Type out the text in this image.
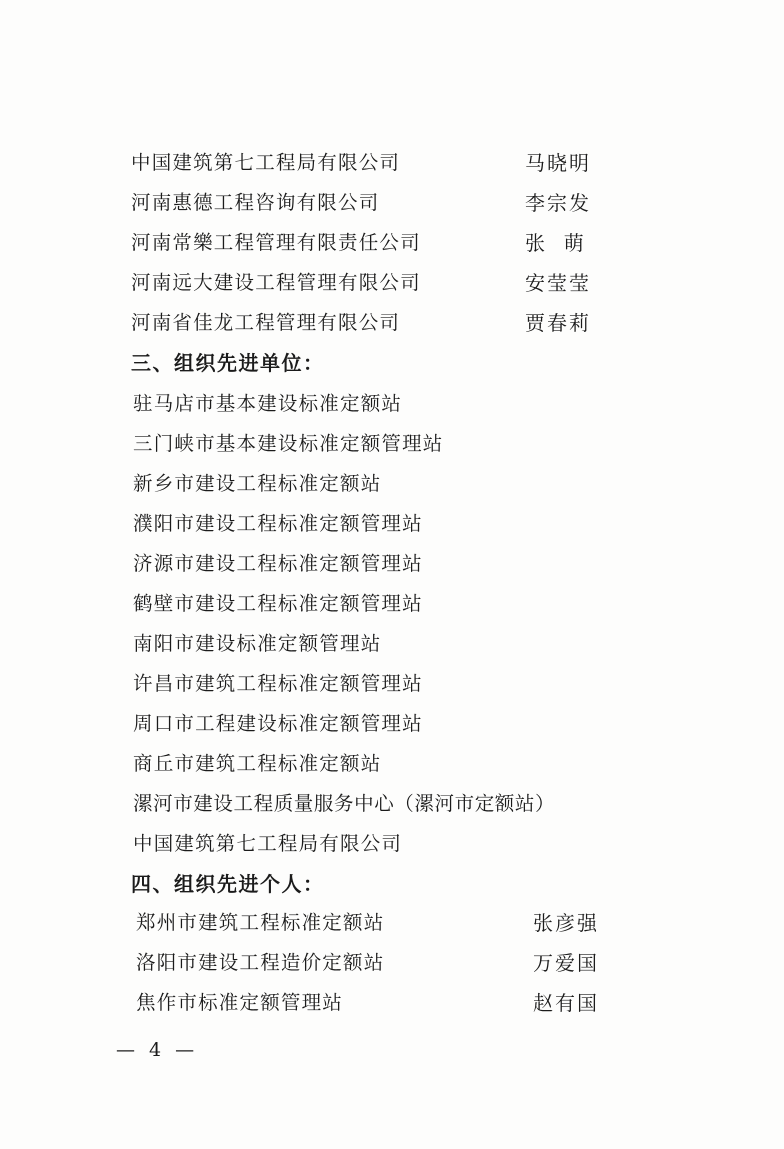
中国建筑第七工程局有限公司	马晓明
河南惠德工程咨询有限公司	李宗发
河南常樂工程管理有限责任公司	张  萌
河南远大建设工程管理有限公司	安莹莹
河南省佳龙工程管理有限公司	贾春莉
三、组织先进单位：
驻马店市基本建设标准定额站
三门峡市基本建设标准定额管理站
新乡市建设工程标准定额站
濮阳市建设工程标准定额管理站
济源市建设工程标准定额管理站
鹤壁市建设工程标准定额管理站
南阳市建设标准定额管理站
许昌市建筑工程标准定额管理站
周口市工程建设标准定额管理站
商丘市建筑工程标准定额站
漯河市建设工程质量服务中心（漯河市定额站）
中国建筑第七工程局有限公司
四、组织先进个人：
郑州市建筑工程标准定额站	张彦强
洛阳市建设工程造价定额站	万爱国
焦作市标准定额管理站	赵有国
— 4 —
